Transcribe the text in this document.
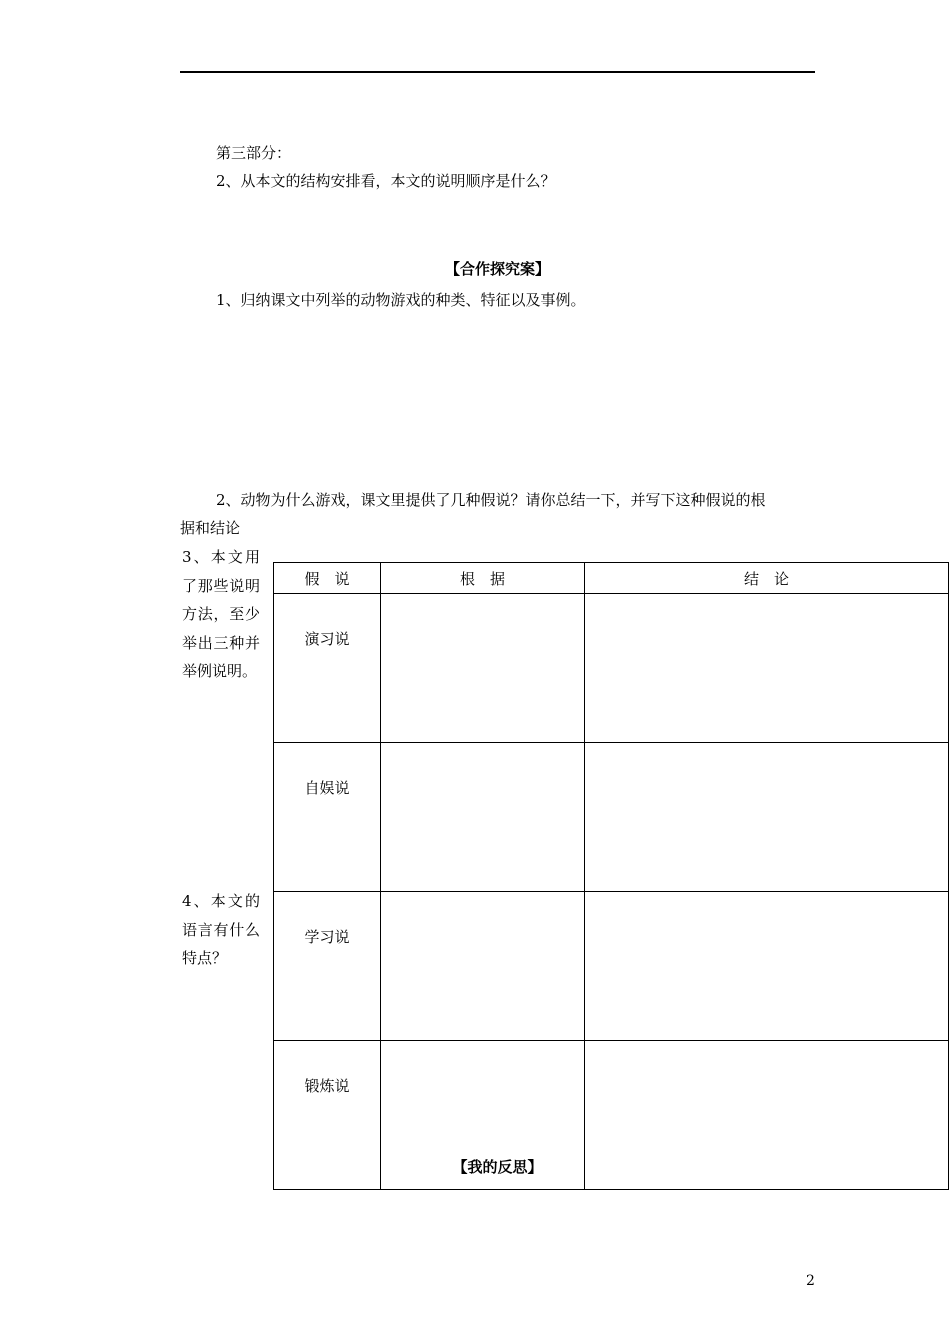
第三部分：
2、从本文的结构安排看，本文的说明顺序是什么？
【合作探究案】
1、归纳课文中列举的动物游戏的种类、特征以及事例。
2、动物为什么游戏，课文里提供了几种假说？请你总结一下，并写下这种假说的根
据和结论
3、本文用了那些说明方法，至少举出三种并举例说明。
4、本文的语言有什么特点？
假　说	根　据	结　论
演习说		
自娱说		
学习说		
锻炼说		
【我的反思】
2
